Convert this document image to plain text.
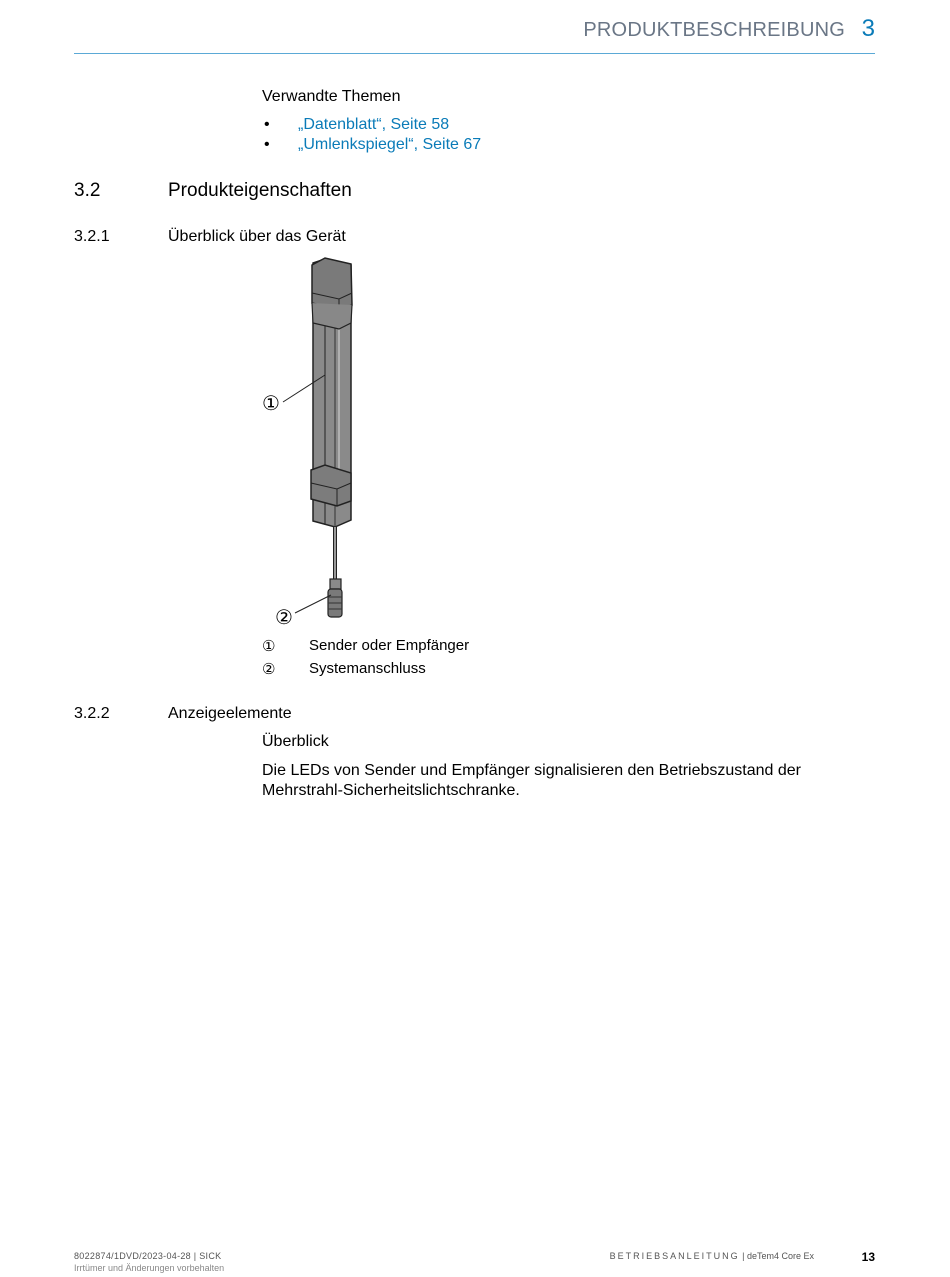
PRODUKTBESCHREIBUNG 3
Verwandte Themen
• „Datenblatt“, Seite 58
• „Umlenkspiegel“, Seite 67
3.2	Produkteigenschaften
3.2.1	Überblick über das Gerät
①
②
① Sender oder Empfänger
② Systemanschluss
3.2.2	Anzeigeelemente
Überblick
Die LEDs von Sender und Empfänger signalisieren den Betriebszustand der Mehrstrahl-Sicherheitslichtschranke.
8022874/1DVD/2023-04-28 | SICK
Irrtümer und Änderungen vorbehalten
BETRIEBSANLEITUNG | deTem4 Core Ex	13
